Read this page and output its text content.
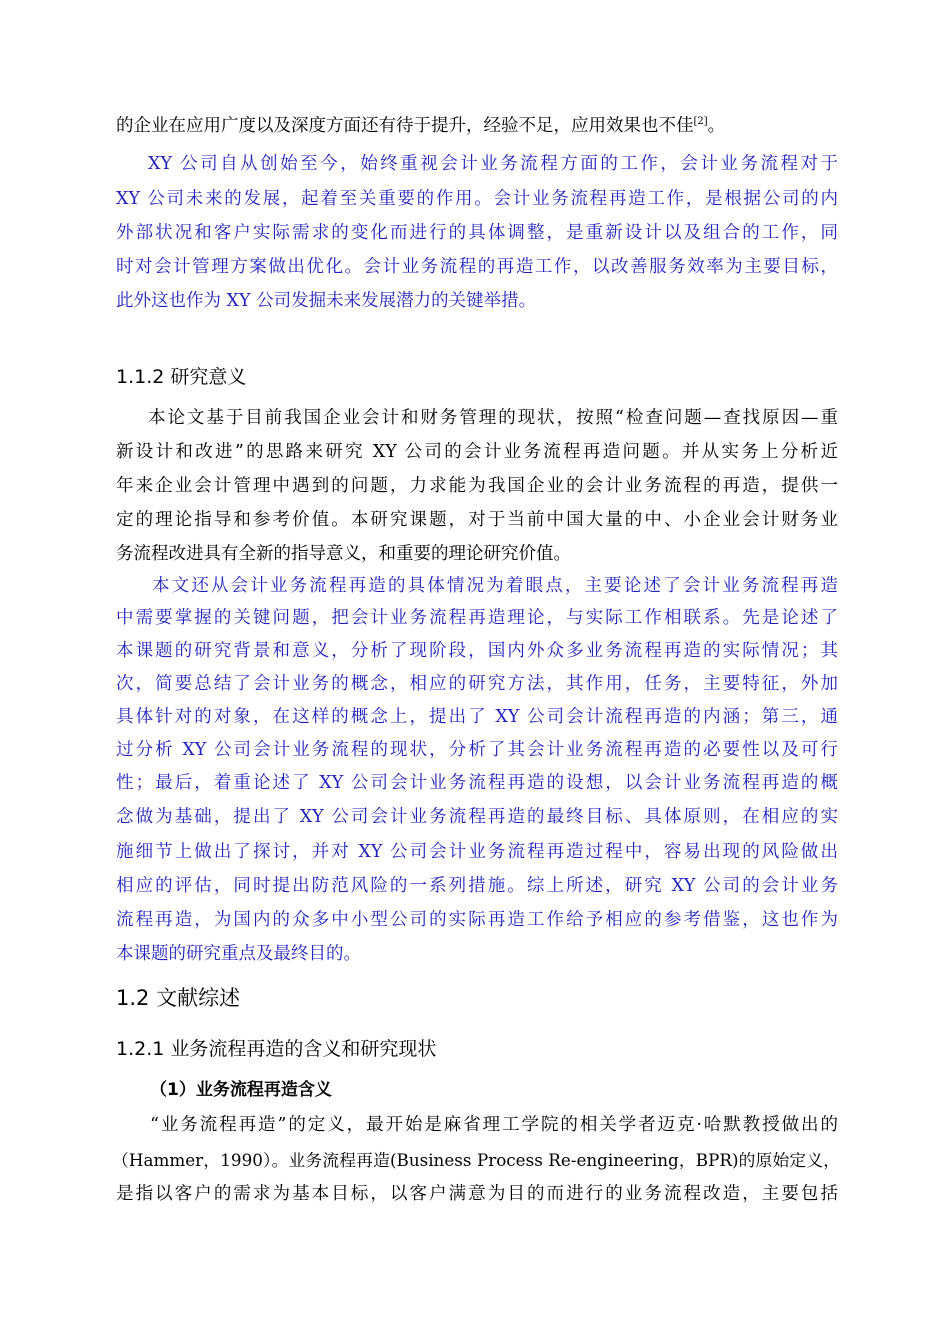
的企业在应用广度以及深度方面还有待于提升，经验不足，应用效果也不佳[2]。
XY 公司自从创始至今，始终重视会计业务流程方面的工作，会计业务流程对于
XY 公司未来的发展，起着至关重要的作用。会计业务流程再造工作，是根据公司的内
外部状况和客户实际需求的变化而进行的具体调整，是重新设计以及组合的工作，同
时对会计管理方案做出优化。会计业务流程的再造工作，以改善服务效率为主要目标，
此外这也作为 XY 公司发掘未来发展潜力的关键举措。
1.1.2 研究意义
本论文基于目前我国企业会计和财务管理的现状，按照“检查问题—查找原因—重
新设计和改进”的思路来研究 XY 公司的会计业务流程再造问题。并从实务上分析近
年来企业会计管理中遇到的问题，力求能为我国企业的会计业务流程的再造，提供一
定的理论指导和参考价值。本研究课题，对于当前中国大量的中、小企业会计财务业
务流程改进具有全新的指导意义，和重要的理论研究价值。
本文还从会计业务流程再造的具体情况为着眼点，主要论述了会计业务流程再造
中需要掌握的关键问题，把会计业务流程再造理论，与实际工作相联系。先是论述了
本课题的研究背景和意义，分析了现阶段，国内外众多业务流程再造的实际情况；其
次，简要总结了会计业务的概念，相应的研究方法，其作用，任务，主要特征，外加
具体针对的对象，在这样的概念上，提出了 XY 公司会计流程再造的内涵；第三，通
过分析 XY 公司会计业务流程的现状，分析了其会计业务流程再造的必要性以及可行
性；最后，着重论述了 XY 公司会计业务流程再造的设想，以会计业务流程再造的概
念做为基础，提出了 XY 公司会计业务流程再造的最终目标、具体原则，在相应的实
施细节上做出了探讨，并对 XY 公司会计业务流程再造过程中，容易出现的风险做出
相应的评估，同时提出防范风险的一系列措施。综上所述，研究 XY 公司的会计业务
流程再造，为国内的众多中小型公司的实际再造工作给予相应的参考借鉴，这也作为
本课题的研究重点及最终目的。
1.2 文献综述
1.2.1 业务流程再造的含义和研究现状
（1）业务流程再造含义
“业务流程再造”的定义，最开始是麻省理工学院的相关学者迈克·哈默教授做出的
（Hammer，1990）。业务流程再造(Business Process Re-engineering，BPR)的原始定义，
是指以客户的需求为基本目标，以客户满意为目的而进行的业务流程改造，主要包括
